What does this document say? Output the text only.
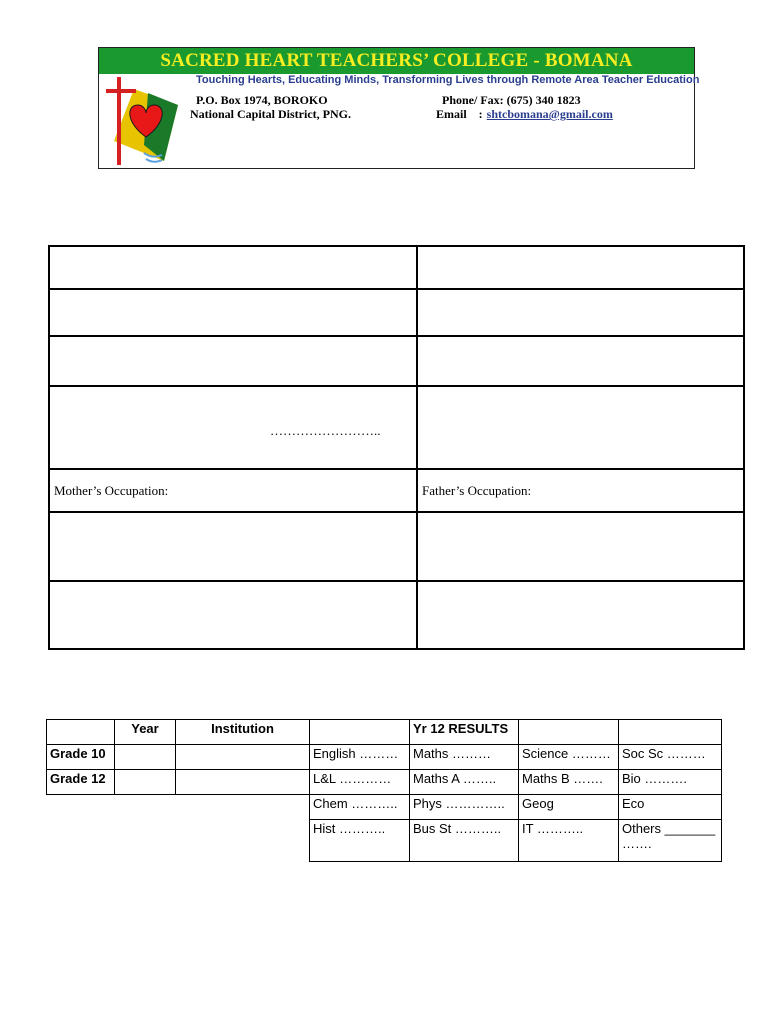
SACRED HEART TEACHERS’ COLLEGE - BOMANA
Touching Hearts, Educating Minds, Transforming Lives through Remote Area Teacher Education
P.O. Box 1974, BOROKO
National Capital District, PNG.
Phone/ Fax: (675) 340 1823
Email : shtcbomana@gmail.com

……………………..	

Mother’s Occupation:	Father’s Occupation:

	Year	Institution		Yr 12 RESULTS		
Grade 10			English ………	Maths ………	Science ………	Soc Sc ………
Grade 12			L&L …………	Maths A ……..	Maths B …….	Bio ……….
			Chem ………..	Phys …………..	Geog	Eco
			Hist ………..	Bus St ………..	IT ………..	Others _______ …….
